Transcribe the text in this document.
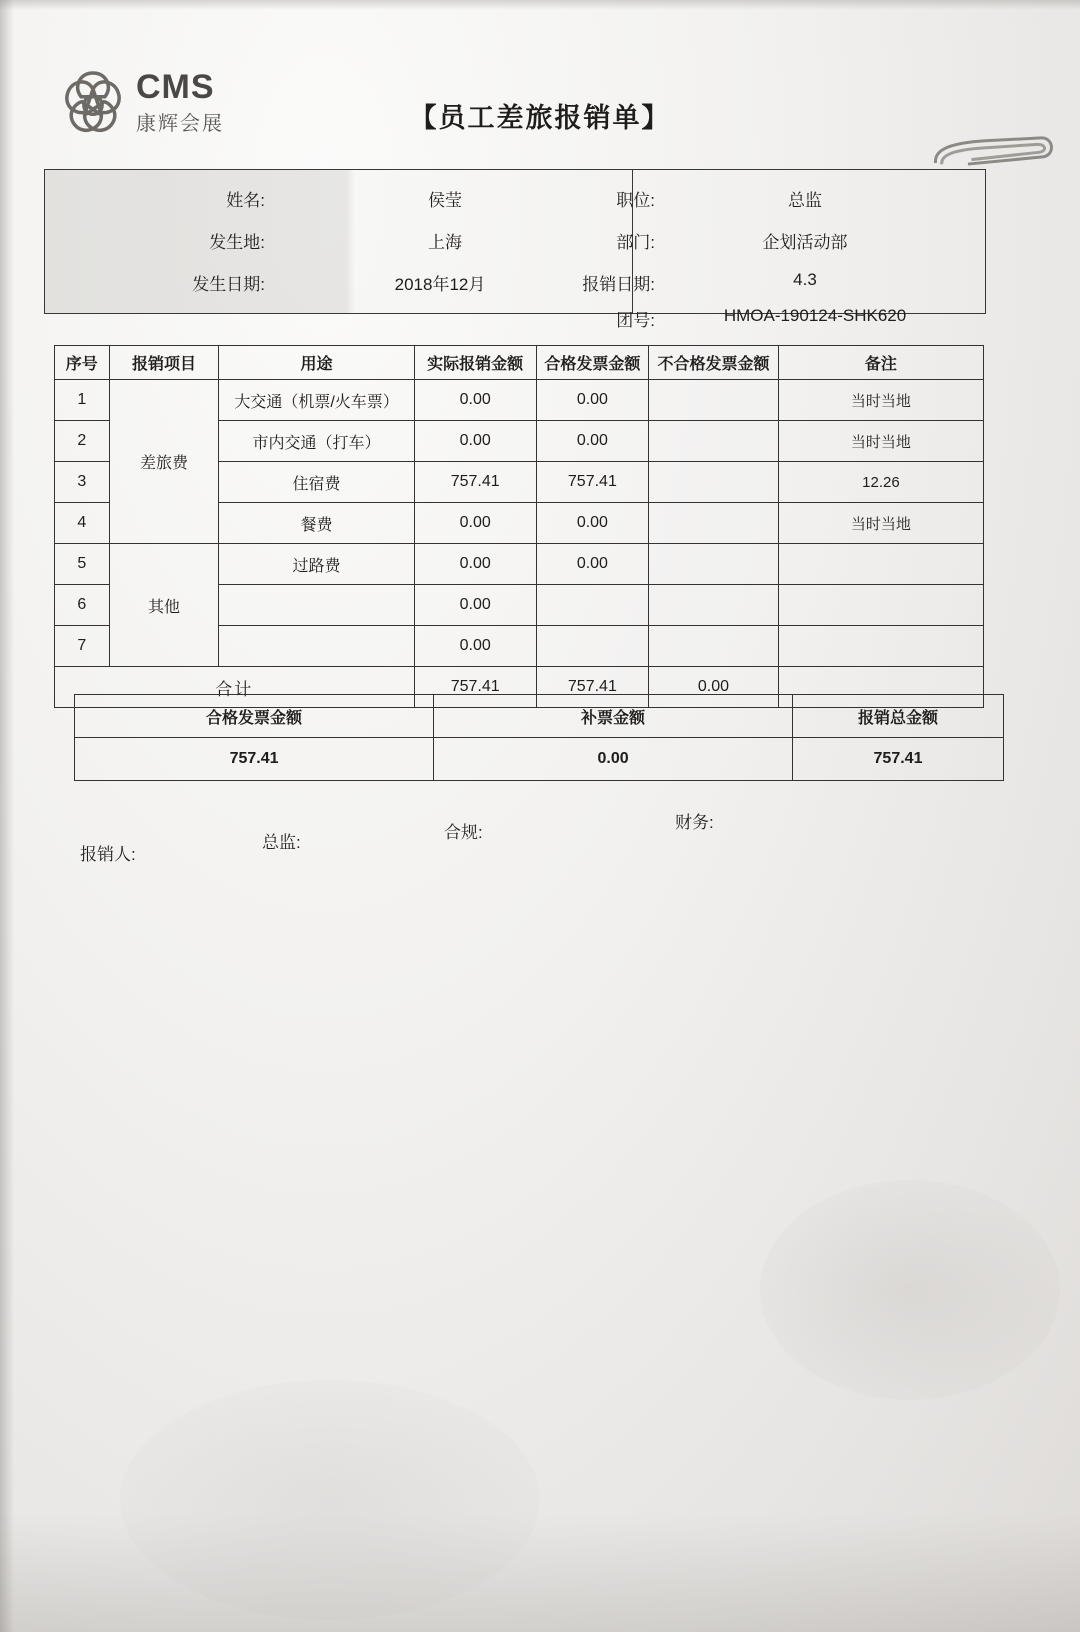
CMS
康辉会展	【员工差旅报销单】
姓名:	侯莹	职位:	总监
发生地:	上海	部门:	企划活动部
发生日期:	2018年12月	报销日期:	4.3
团号:	HMOA-190124-SHK620
序号	报销项目	用途	实际报销金额	合格发票金额	不合格发票金额	备注
1	差旅费	大交通（机票/火车票）	0.00	0.00		当时当地
2		市内交通（打车）	0.00	0.00		当时当地
3		住宿费	757.41	757.41		12.26
4		餐费	0.00	0.00		当时当地
5	其他	过路费	0.00	0.00		
6			0.00			
7			0.00			
合计			757.41	757.41	0.00	
合格发票金额	补票金额	报销总金额
757.41	0.00	757.41
报销人:
总监:
合规:
财务:
